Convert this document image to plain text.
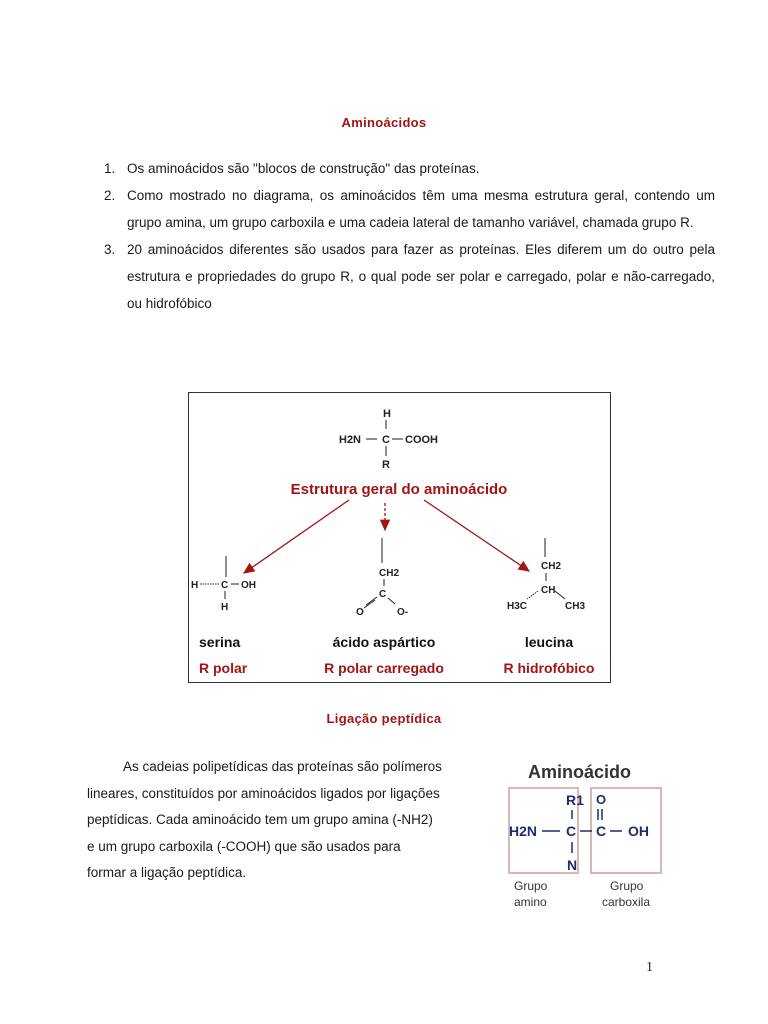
Aminoácidos
1. Os aminoácidos são "blocos de construção" das proteínas.
2. Como mostrado no diagrama, os aminoácidos têm uma mesma estrutura geral, contendo um grupo amina, um grupo carboxila e uma cadeia lateral de tamanho variável, chamada grupo R.
3. 20 aminoácidos diferentes são usados para fazer as proteínas. Eles diferem um do outro pela estrutura e propriedades do grupo R, o qual pode ser polar e carregado, polar e não-carregado, ou hidrofóbico
H
H2N C COOH
R
Estrutura geral do aminoácido
H C OH
H
CH2
C
O	O-
CH2
CH
H3C	CH3
serina
R polar
ácido aspártico
R polar carregado
leucina
R hidrofóbico
Ligação peptídica

As cadeias polipetídicas das proteínas são polímeros
lineares, constituídos por aminoácidos ligados por ligações
peptídicas. Cada aminoácido tem um grupo amina (-NH2)
e um grupo carboxila (-COOH) que são usados para
formar a ligação peptídica.

Aminoácido
R1 O
H2N C C OH
N
Grupo
amino
Grupo
carboxila
1
